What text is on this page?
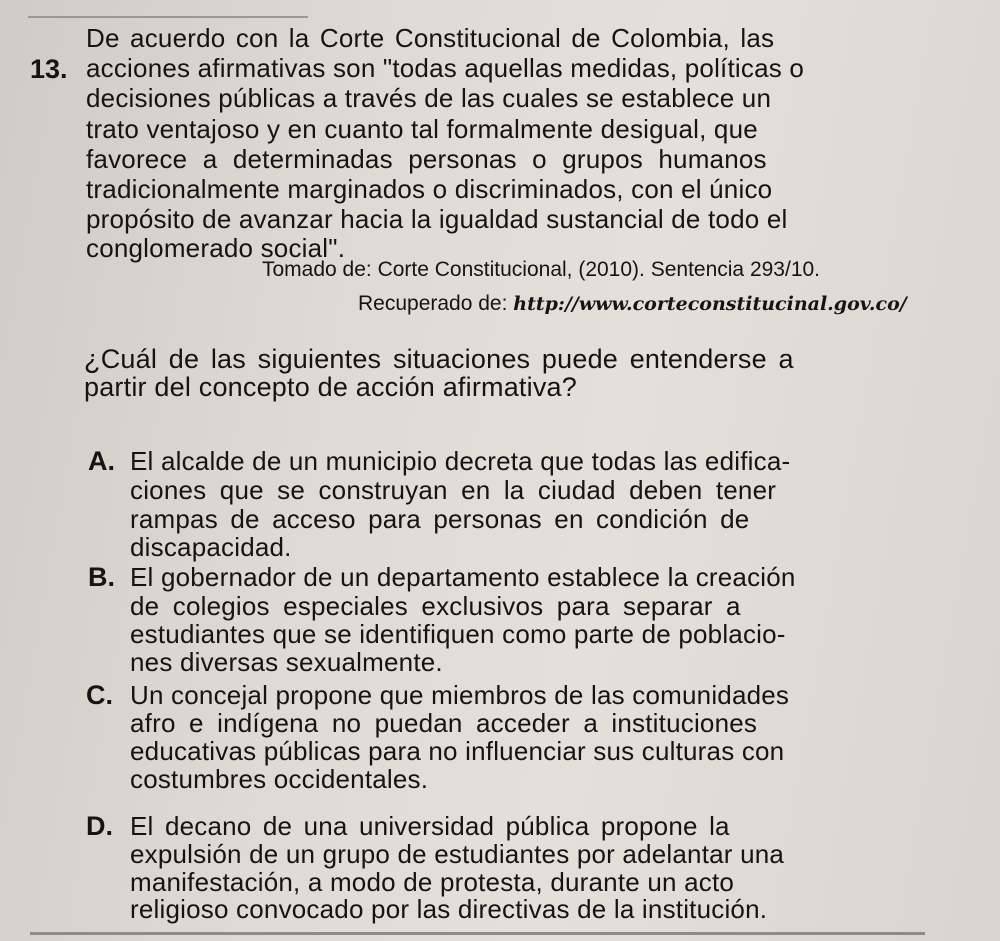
13.
De acuerdo con la Corte Constitucional de Colombia, las
acciones afirmativas son "todas aquellas medidas, políticas o
decisiones públicas a través de las cuales se establece un
trato ventajoso y en cuanto tal formalmente desigual, que
favorece a determinadas personas o grupos humanos
tradicionalmente marginados o discriminados, con el único
propósito de avanzar hacia la igualdad sustancial de todo el
conglomerado social".
Tomado de: Corte Constitucional, (2010). Sentencia 293/10.
Recuperado de: http://www.corteconstitucinal.gov.co/
¿Cuál de las siguientes situaciones puede entenderse a
partir del concepto de acción afirmativa?
A. El alcalde de un municipio decreta que todas las edifica-
ciones que se construyan en la ciudad deben tener
rampas de acceso para personas en condición de
discapacidad.
B. El gobernador de un departamento establece la creación
de colegios especiales exclusivos para separar a
estudiantes que se identifiquen como parte de poblacio-
nes diversas sexualmente.
C. Un concejal propone que miembros de las comunidades
afro e indígena no puedan acceder a instituciones
educativas públicas para no influenciar sus culturas con
costumbres occidentales.
D. El decano de una universidad pública propone la
expulsión de un grupo de estudiantes por adelantar una
manifestación, a modo de protesta, durante un acto
religioso convocado por las directivas de la institución.
